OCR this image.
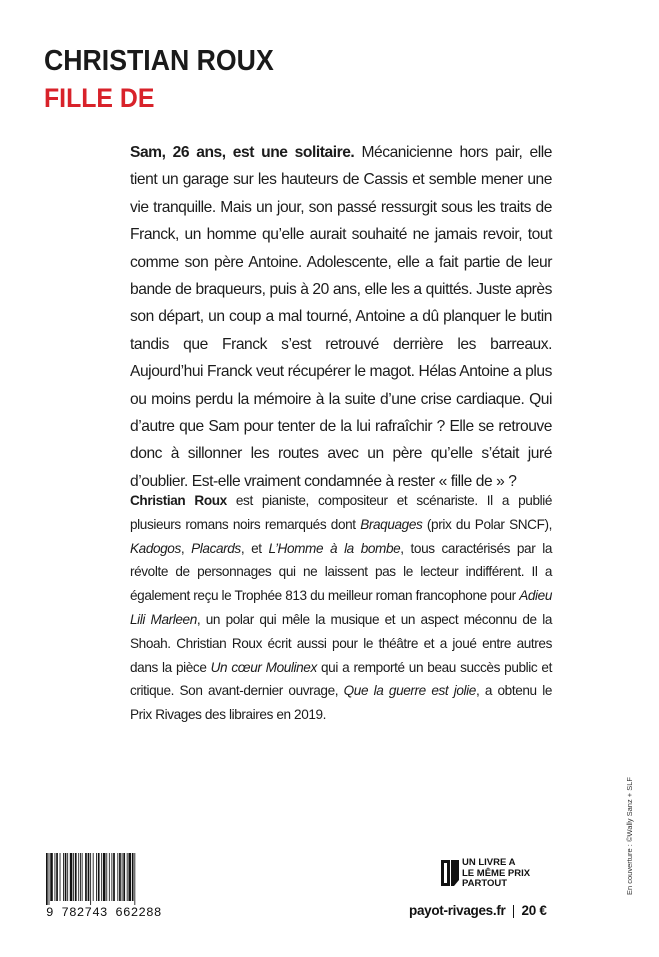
CHRISTIAN ROUX
FILLE DE

Sam, 26 ans, est une solitaire. Mécanicienne hors pair, elle tient un garage sur les hauteurs de Cassis et semble mener une vie tranquille. Mais un jour, son passé ressurgit sous les traits de Franck, un homme qu’elle aurait souhaité ne jamais revoir, tout comme son père Antoine. Adolescente, elle a fait partie de leur bande de braqueurs, puis à 20 ans, elle les a quittés. Juste après son départ, un coup a mal tourné, Antoine a dû planquer le butin tandis que Franck s’est retrouvé derrière les barreaux. Aujourd’hui Franck veut récupérer le magot. Hélas Antoine a plus ou moins perdu la mémoire à la suite d’une crise cardiaque. Qui d’autre que Sam pour tenter de la lui rafraîchir ? Elle se retrouve donc à sillonner les routes avec un père qu’elle s’était juré d’oublier. Est-elle vraiment condamnée à rester « fille de » ?

Christian Roux est pianiste, compositeur et scénariste. Il a publié plusieurs romans noirs remarqués dont Braquages (prix du Polar SNCF), Kadogos, Placards, et L’Homme à la bombe, tous caractérisés par la révolte de personnages qui ne laissent pas le lecteur indifférent. Il a également reçu le Trophée 813 du meilleur roman francophone pour Adieu Lili Marleen, un polar qui mêle la musique et un aspect méconnu de la Shoah. Christian Roux écrit aussi pour le théâtre et a joué entre autres dans la pièce Un cœur Moulinex qui a remporté un beau succès public et critique. Son avant-dernier ouvrage, Que la guerre est jolie, a obtenu le Prix Rivages des libraires en 2019.

En couverture : ©Wally Sanz + SLF
9 782743 662288

UN LIVRE A
LE MÊME PRIX
PARTOUT

payot-rivages.fr 20 €
